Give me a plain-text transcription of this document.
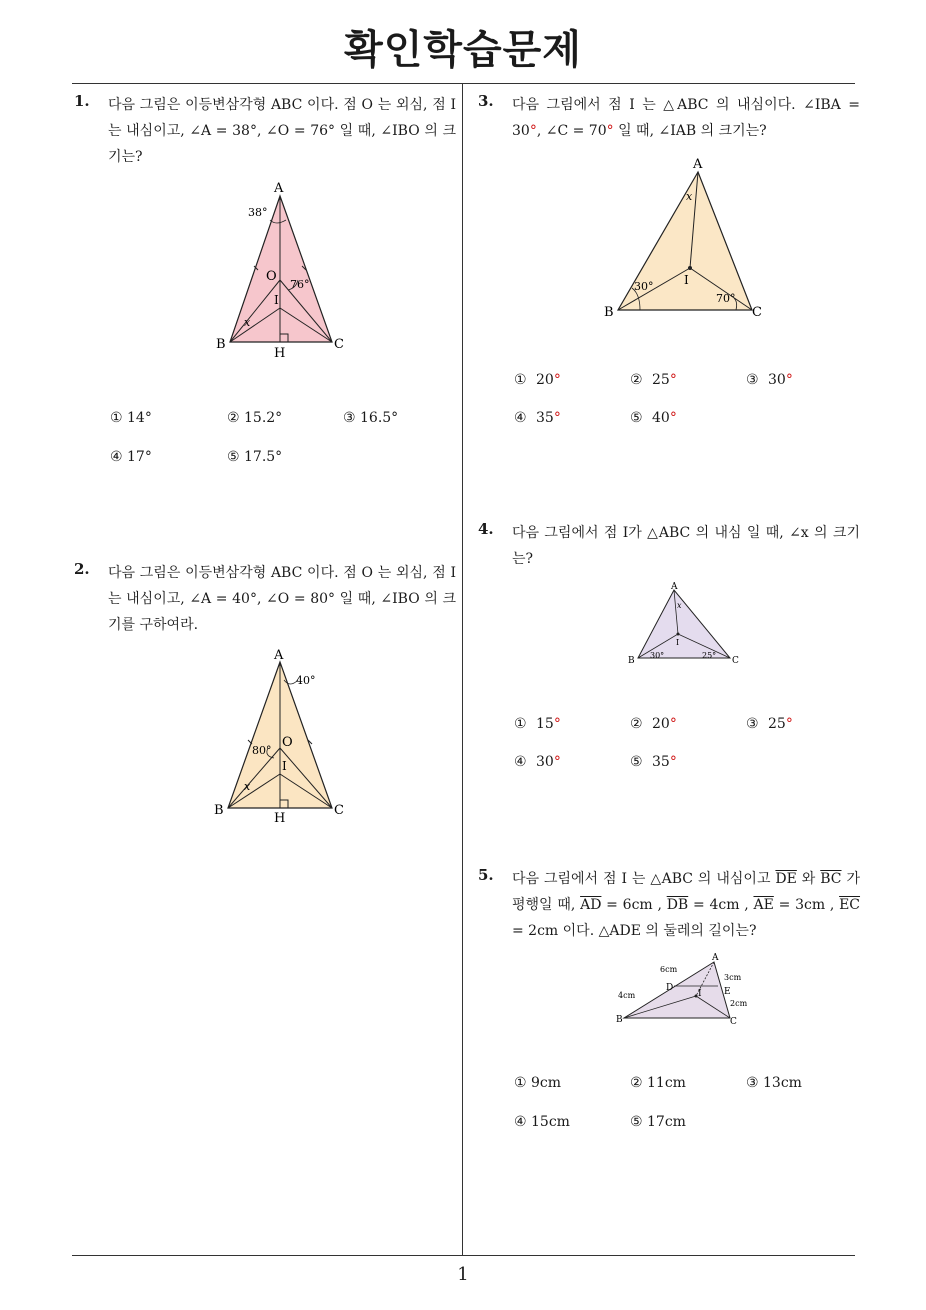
확인학습문제
1. 다음 그림은 이등변삼각형 ABC 이다. 점 O 는 외심, 점 I 는 내심이고, ∠A = 38°, ∠O = 76° 일 때, ∠IBO 의 크기는?
A
B	C
O
I
H
38°
76°
x
① 14°	② 15.2°	③ 16.5°
④ 17°	⑤ 17.5°
2. 다음 그림은 이등변삼각형 ABC 이다. 점 O 는 외심, 점 I 는 내심이고, ∠A = 40°, ∠O = 80° 일 때, ∠IBO 의 크기를 구하여라.
A
B	C
O
I
H
40°
80°
x
3. 다음 그림에서 점 I 는 △ABC 의 내심이다. ∠IBA = 30°, ∠C = 70° 일 때, ∠IAB 의 크기는?
A
B	C
I
30°
70°
x
① 20°	② 25°	③ 30°
④ 35°	⑤ 40°
4. 다음 그림에서 점 I가 △ABC 의 내심 일 때, ∠x 의 크기는?
A
B	C
I
30°	25°
x
① 15°	② 20°	③ 25°
④ 30°	⑤ 35°
5. 다음 그림에서 점 I 는 △ABC 의 내심이고 $\overline{DE}$ 와 $\overline{BC}$ 가 평행일 때, $\overline{AD} = 6cm$ , $\overline{DB} = 4cm$ , $\overline{AE} = 3cm$ , $\overline{EC} = 2cm$ 이다. △ADE 의 둘레의 길이는?
A
B	C
D	E
I
6cm
4cm
3cm
2cm
① 9cm	② 11cm	③ 13cm
④ 15cm	⑤ 17cm
1
